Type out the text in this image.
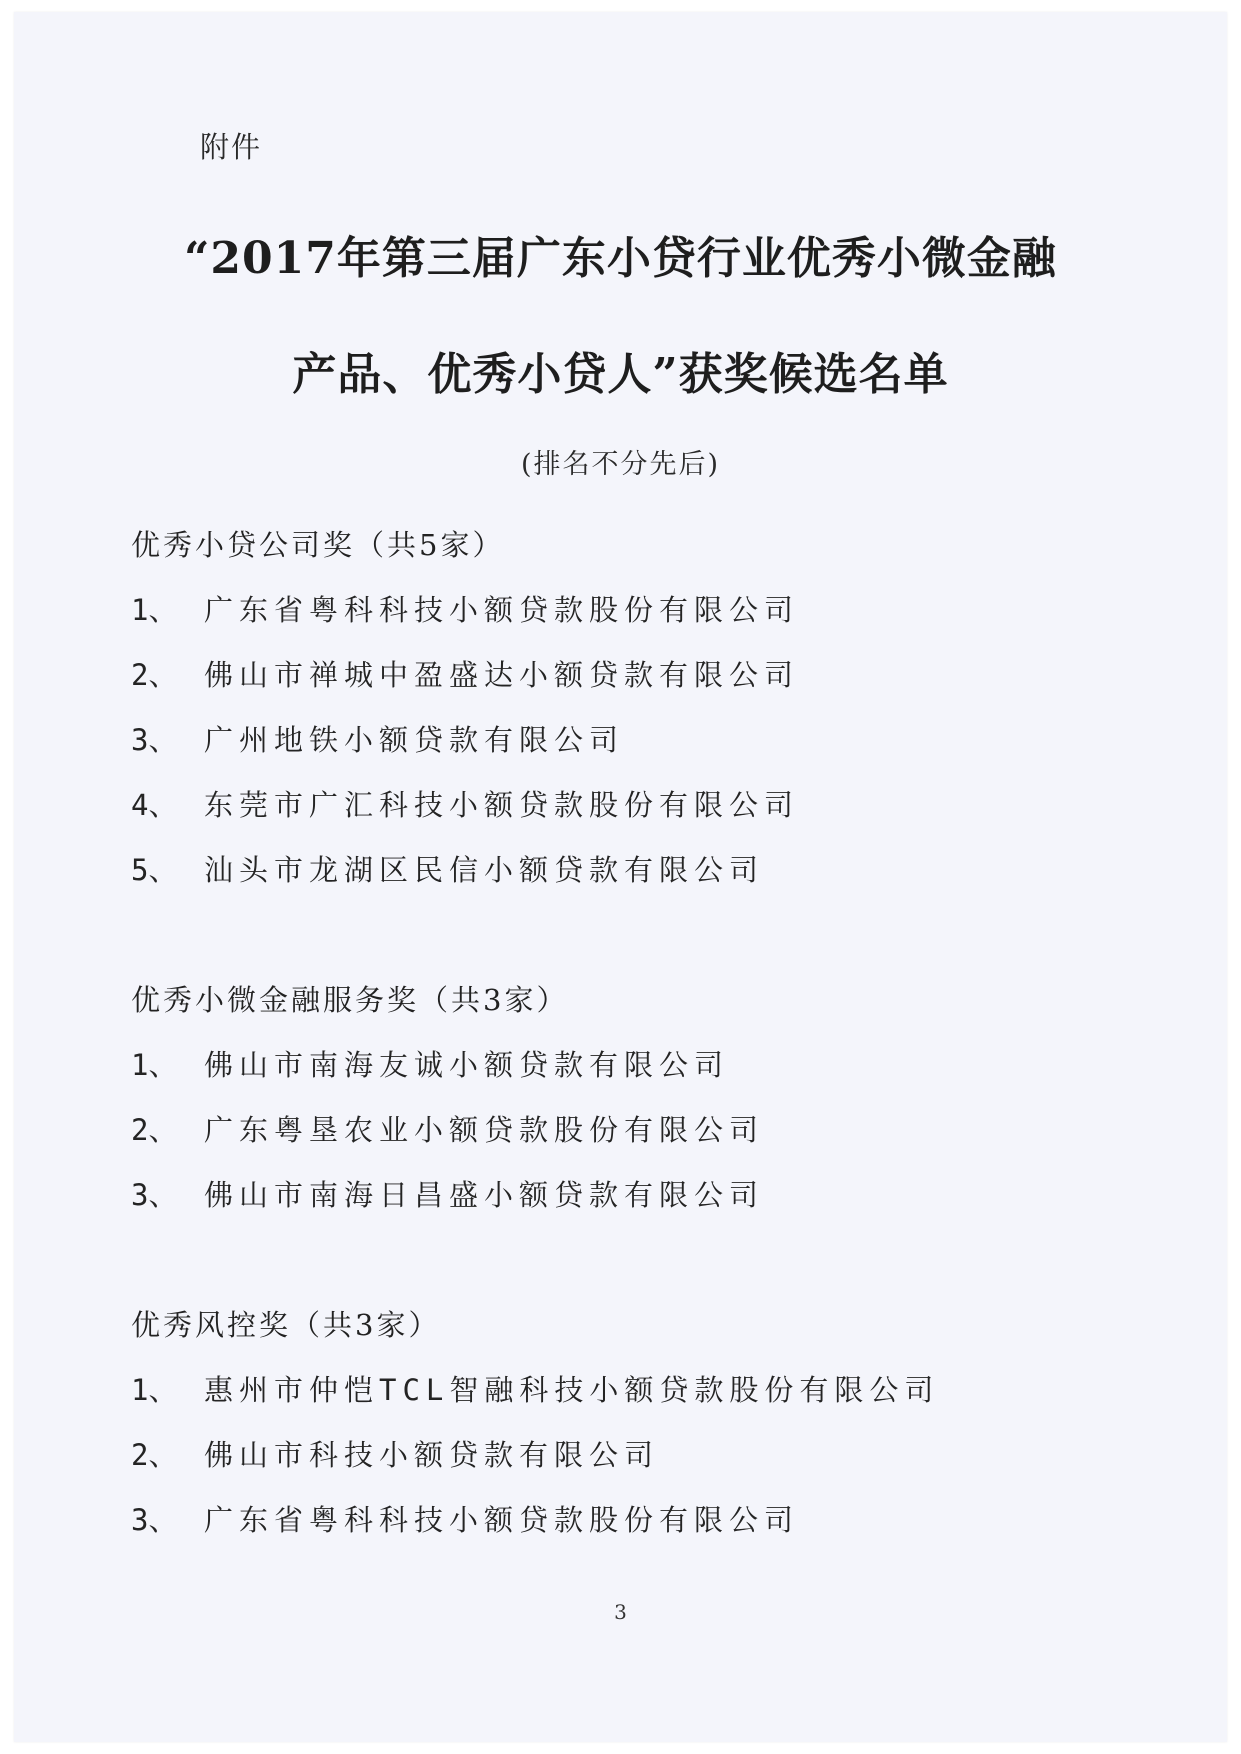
附件
“2017年第三届广东小贷行业优秀小微金融
产品、优秀小贷人”获奖候选名单
(排名不分先后)
优秀小贷公司奖（共5家）
1、 广东省粤科科技小额贷款股份有限公司
2、 佛山市禅城中盈盛达小额贷款有限公司
3、 广州地铁小额贷款有限公司
4、 东莞市广汇科技小额贷款股份有限公司
5、 汕头市龙湖区民信小额贷款有限公司
优秀小微金融服务奖（共3家）
1、 佛山市南海友诚小额贷款有限公司
2、 广东粤垦农业小额贷款股份有限公司
3、 佛山市南海日昌盛小额贷款有限公司
优秀风控奖（共3家）
1、 惠州市仲恺TCL智融科技小额贷款股份有限公司
2、 佛山市科技小额贷款有限公司
3、 广东省粤科科技小额贷款股份有限公司
3
